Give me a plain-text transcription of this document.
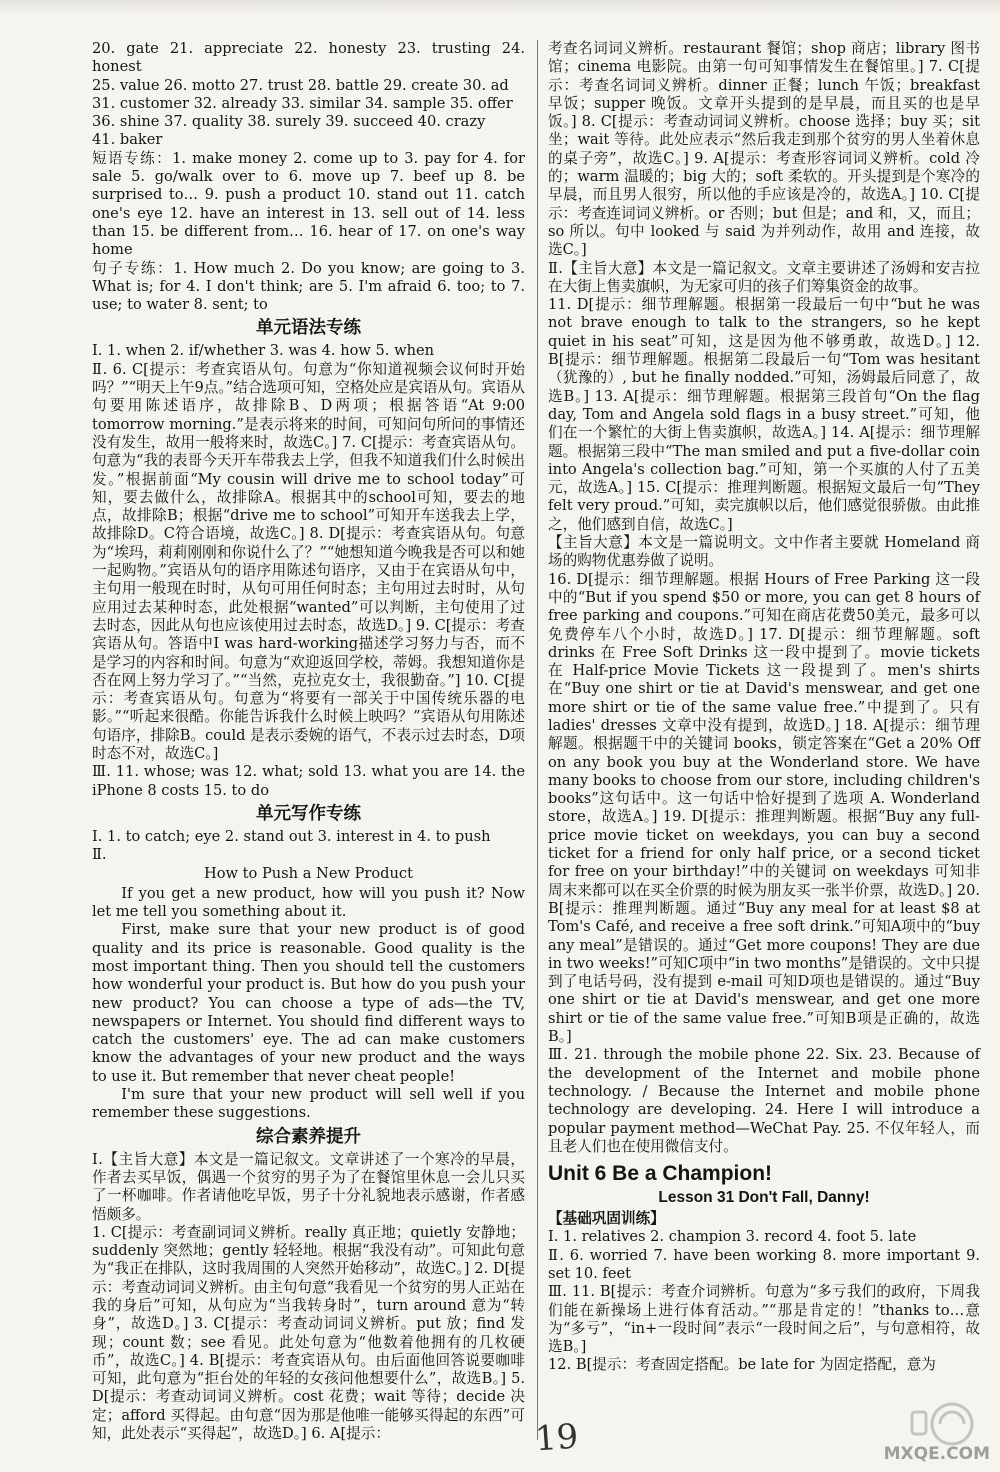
20. gate 21. appreciate 22. honesty 23. trusting 24. honest

25. value 26. motto 27. trust 28. battle 29. create 30. ad

31. customer 32. already 33. similar 34. sample 35. offer

36. shine 37. quality 38. surely 39. succeed 40. crazy

41. baker

短语专练：1. make money 2. come up to 3. pay for 4. for sale 5. go/walk over to 6. move up 7. beef up 8. be surprised to… 9. push a product 10. stand out 11. catch one's eye 12. have an interest in 13. sell out of 14. less than 15. be different from… 16. hear of 17. on one's way home

句子专练：1. How much 2. Do you know; are going to 3. What is; for 4. I don't think; are 5. I'm afraid 6. too; to 7. use; to water 8. sent; to

单元语法专练

Ⅰ. 1. when 2. if/whether 3. was 4. how 5. when

Ⅱ. 6. C[提示：考查宾语从句。句意为“你知道视频会议何时开始吗？”“明天上午9点。”结合选项可知，空格处应是宾语从句。宾语从句要用陈述语序，故排除B、D两项；根据答语“At 9:00 tomorrow morning.”是表示将来的时间，可知问句所问的事情还没有发生，故用一般将来时，故选C。] 7. C[提示：考查宾语从句。句意为“我的表哥今天开车带我去上学，但我不知道我们什么时候出发。”根据前面“My cousin will drive me to school today”可知，要去做什么，故排除A。根据其中的school可知，要去的地点，故排除B；根据“drive me to school”可知开车送我去上学，故排除D。C符合语境，故选C。] 8. D[提示：考查宾语从句。句意为“埃玛，莉莉刚刚和你说什么了？”“她想知道今晚我是否可以和她一起购物。”宾语从句的语序用陈述句语序，又由于在宾语从句中，主句用一般现在时时，从句可用任何时态；主句用过去时时，从句应用过去某种时态，此处根据“wanted”可以判断，主句使用了过去时态，因此从句也应该使用过去时态，故选D。] 9. C[提示：考查宾语从句。答语中I was hard-working描述学习努力与否，而不是学习的内容和时间。句意为“欢迎返回学校，蒂姆。我想知道你是否在网上努力学习了。”“当然，克拉克女士，我很勤奋。”] 10. C[提示：考查宾语从句。句意为“将要有一部关于中国传统乐器的电影。”“听起来很酷。你能告诉我什么时候上映吗？”宾语从句用陈述句语序，排除B。could 是表示委婉的语气，不表示过去时态，D项时态不对，故选C。]

Ⅲ. 11. whose; was 12. what; sold 13. what you are 14. the iPhone 8 costs 15. to do

单元写作专练

Ⅰ. 1. to catch; eye 2. stand out 3. interest in 4. to push

Ⅱ.

How to Push a New Product

If you get a new product, how will you push it? Now let me tell you something about it.

First, make sure that your new product is of good quality and its price is reasonable. Good quality is the most important thing. Then you should tell the customers how wonderful your product is. But how do you push your new product? You can choose a type of ads—the TV, newspapers or Internet. You should find different ways to catch the customers' eye. The ad can make customers know the advantages of your new product and the ways to use it. But remember that never cheat people!

I'm sure that your new product will sell well if you remember these suggestions.

综合素养提升

Ⅰ.【主旨大意】本文是一篇记叙文。文章讲述了一个寒冷的早晨，作者去买早饭，偶遇一个贫穷的男子为了在餐馆里休息一会儿只买了一杯咖啡。作者请他吃早饭，男子十分礼貌地表示感谢，作者感悟颇多。

1. C[提示：考查副词词义辨析。really 真正地；quietly 安静地；suddenly 突然地；gently 轻轻地。根据“我没有动”。可知此句意为“我正在排队，这时我周围的人突然开始移动”，故选C。] 2. D[提示：考查动词词义辨析。由主句句意“我看见一个贫穷的男人正站在我的身后”可知，从句应为“当我转身时”，turn around 意为“转身”，故选D。] 3. C[提示：考查动词词义辨析。put 放；find 发现；count 数；see 看见。此处句意为“他数着他拥有的几枚硬币”，故选C。] 4. B[提示：考查宾语从句。由后面他回答说要咖啡可知，此句意为“拒台处的年轻的女孩问他想要什么”，故选B。] 5. D[提示：考查动词词义辨析。cost 花费；wait 等待；decide 决定；afford 买得起。由句意“因为那是他唯一能够买得起的东西”可知，此处表示“买得起”，故选D。] 6. A[提示：

考查名词词义辨析。restaurant 餐馆；shop 商店；library 图书馆；cinema 电影院。由第一句可知事情发生在餐馆里。] 7. C[提示：考查名词词义辨析。dinner 正餐；lunch 午饭；breakfast 早饭；supper 晚饭。文章开头提到的是早晨，而且买的也是早饭。] 8. C[提示：考查动词词义辨析。choose 选择；buy 买；sit 坐；wait 等待。此处应表示“然后我走到那个贫穷的男人坐着休息的桌子旁”，故选C。] 9. A[提示：考查形容词词义辨析。cold 冷的；warm 温暖的；big 大的；soft 柔软的。开头提到是个寒冷的早晨，而且男人很穷，所以他的手应该是冷的，故选A。] 10. C[提示：考查连词词义辨析。or 否则；but 但是；and 和，又，而且；so 所以。句中 looked 与 said 为并列动作，故用 and 连接，故选C。]

Ⅱ.【主旨大意】本文是一篇记叙文。文章主要讲述了汤姆和安吉拉在大街上售卖旗帜，为无家可归的孩子们筹集资金的故事。

11. D[提示：细节理解题。根据第一段最后一句中“but he was not brave enough to talk to the strangers, so he kept quiet in his seat”可知，这是因为他不够勇敢，故选D。] 12. B[提示：细节理解题。根据第二段最后一句“Tom was hesitant（犹豫的）, but he finally nodded.”可知，汤姆最后同意了，故选B。] 13. A[提示：细节理解题。根据第三段首句“On the flag day, Tom and Angela sold flags in a busy street.”可知，他们在一个繁忙的大街上售卖旗帜，故选A。] 14. A[提示：细节理解题。根据第三段中“The man smiled and put a five-dollar coin into Angela's collection bag.”可知，第一个买旗的人付了五美元，故选A。] 15. C[提示：推理判断题。根据短文最后一句“They felt very proud.”可知，卖完旗帜以后，他们感觉很骄傲。由此推之，他们感到自信，故选C。]

【主旨大意】本文是一篇说明文。文中作者主要就 Homeland 商场的购物优惠券做了说明。

16. D[提示：细节理解题。根据 Hours of Free Parking 这一段中的“But if you spend $50 or more, you can get 8 hours of free parking and coupons.”可知在商店花费50美元，最多可以免费停车八个小时，故选D。] 17. D[提示：细节理解题。soft drinks 在 Free Soft Drinks 这一段中提到了。movie tickets 在 Half-price Movie Tickets 这一段提到了。men's shirts 在“Buy one shirt or tie at David's menswear, and get one more shirt or tie of the same value free.”中提到了。只有 ladies' dresses 文章中没有提到，故选D。] 18. A[提示：细节理解题。根据题干中的关键词 books，锁定答案在“Get a 20% Off on any book you buy at the Wonderland store. We have many books to choose from our store, including children's books”这句话中。这一句话中恰好提到了选项 A. Wonderland store，故选A。] 19. D[提示：推理判断题。根据“Buy any full-price movie ticket on weekdays, you can buy a second ticket for a friend for only half price, or a second ticket for free on your birthday!”中的关键词 on weekdays 可知非周末来都可以在买全价票的时候为朋友买一张半价票，故选D。] 20. B[提示：推理判断题。通过“Buy any meal for at least $8 at Tom's Café, and receive a free soft drink.”可知A项中的“buy any meal”是错误的。通过“Get more coupons! They are due in two weeks!”可知C项中“in two months”是错误的。文中只提到了电话号码，没有提到 e-mail 可知D项也是错误的。通过“Buy one shirt or tie at David's menswear, and get one more shirt or tie of the same value free.”可知B项是正确的，故选B。]

Ⅲ. 21. through the mobile phone 22. Six. 23. Because of the development of the Internet and mobile phone technology. / Because the Internet and mobile phone technology are developing. 24. Here I will introduce a popular payment method—WeChat Pay. 25. 不仅年轻人，而且老人们也在使用微信支付。

Unit 6 Be a Champion!
Lesson 31 Don't Fall, Danny!

【基础巩固训练】

Ⅰ. 1. relatives 2. champion 3. record 4. foot 5. late

Ⅱ. 6. worried 7. have been working 8. more important 9. set 10. feet

Ⅲ. 11. B[提示：考查介词辨析。句意为“多亏我们的政府，下周我们能在新操场上进行体育活动。”“那是肯定的！”thanks to…意为“多亏”，“in+一段时间”表示“一段时间之后”，与句意相符，故选B。]

12. B[提示：考查固定搭配。be late for 为固定搭配，意为

19	MXQE.COM
